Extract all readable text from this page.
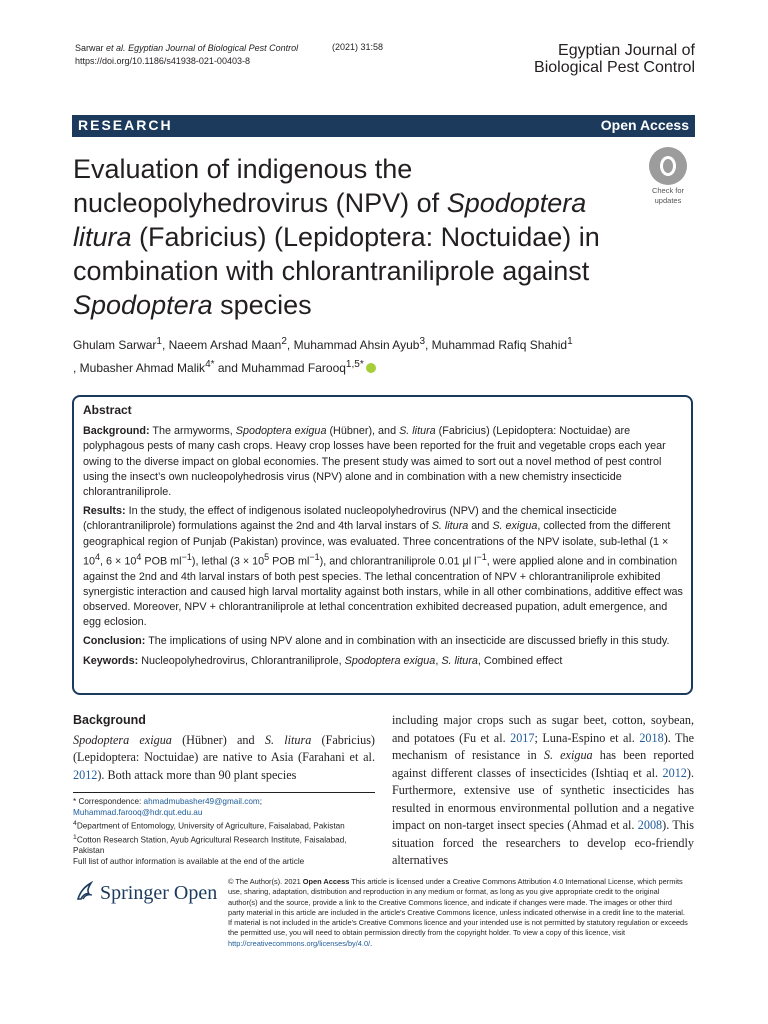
Sarwar et al. Egyptian Journal of Biological Pest Control
https://doi.org/10.1186/s41938-021-00403-8
(2021) 31:58	Egyptian Journal of
Biological Pest Control
RESEARCH	Open Access
Evaluation of indigenous the nucleopolyhedrovirus (NPV) of Spodoptera litura (Fabricius) (Lepidoptera: Noctuidae) in combination with chlorantraniliprole against Spodoptera species
Check for
updates
Ghulam Sarwar$^1$, Naeem Arshad Maan$^2$, Muhammad Ahsin Ayub$^3$, Muhammad Rafiq Shahid$^1$
, Mubasher Ahmad Malik$^{4*}$ and Muhammad Farooq$^{1,5*}$
Abstract

Background: The armyworms, Spodoptera exigua (Hübner), and S. litura (Fabricius) (Lepidoptera: Noctuidae) are polyphagous pests of many cash crops. Heavy crop losses have been reported for the fruit and vegetable crops each year owing to the diverse impact on global economies. The present study was aimed to sort out a novel method of pest control using the insect’s own nucleopolyhedrosis virus (NPV) alone and in combination with a new chemistry insecticide chlorantraniliprole.

Results: In the study, the effect of indigenous isolated nucleopolyhedrovirus (NPV) and the chemical insecticide (chlorantraniliprole) formulations against the 2nd and 4th larval instars of S. litura and S. exigua, collected from the different geographical region of Punjab (Pakistan) province, was evaluated. Three concentrations of the NPV isolate, sub-lethal ($1 \times 10^4$, $6 \times 10^4$ POB $ml^{-1}$), lethal ($3 \times 10^5$ POB $ml^{-1}$), and chlorantraniliprole 0.01 μl $l^{-1}$, were applied alone and in combination against the 2nd and 4th larval instars of both pest species. The lethal concentration of NPV + chlorantraniliprole exhibited synergistic interaction and caused high larval mortality against both instars, while in all other combinations, additive effect was observed. Moreover, NPV + chlorantraniliprole at lethal concentration exhibited decreased pupation, adult emergence, and egg eclosion.

Conclusion: The implications of using NPV alone and in combination with an insecticide are discussed briefly in this study.

Keywords: Nucleopolyhedrovirus, Chlorantraniliprole, Spodoptera exigua, S. litura, Combined effect

Background

Spodoptera exigua (Hübner) and S. litura (Fabricius) (Lepidoptera: Noctuidae) are native to Asia (Farahani et al. 2012). Both attack more than 90 plant species

including major crops such as sugar beet, cotton, soybean, and potatoes (Fu et al. 2017; Luna-Espino et al. 2018). The mechanism of resistance in S. exigua has been reported against different classes of insecticides (Ishtiaq et al. 2012). Furthermore, extensive use of synthetic insecticides has resulted in enormous environmental pollution and a negative impact on non-target insect species (Ahmad et al. 2008). This situation forced the researchers to develop eco-friendly alternatives

* Correspondence: ahmadmubasher49@gmail.com;
Muhammad.farooq@hdr.qut.edu.au
$^4$Department of Entomology, University of Agriculture, Faisalabad, Pakistan
$^1$Cotton Research Station, Ayub Agricultural Research Institute, Faisalabad, Pakistan
Full list of author information is available at the end of the article
Springer Open
© The Author(s). 2021 Open Access This article is licensed under a Creative Commons Attribution 4.0 International License, which permits use, sharing, adaptation, distribution and reproduction in any medium or format, as long as you give appropriate credit to the original author(s) and the source, provide a link to the Creative Commons licence, and indicate if changes were made. The images or other third party material in this article are included in the article's Creative Commons licence, unless indicated otherwise in a credit line to the material. If material is not included in the article's Creative Commons licence and your intended use is not permitted by statutory regulation or exceeds the permitted use, you will need to obtain permission directly from the copyright holder. To view a copy of this licence, visit http://creativecommons.org/licenses/by/4.0/.
